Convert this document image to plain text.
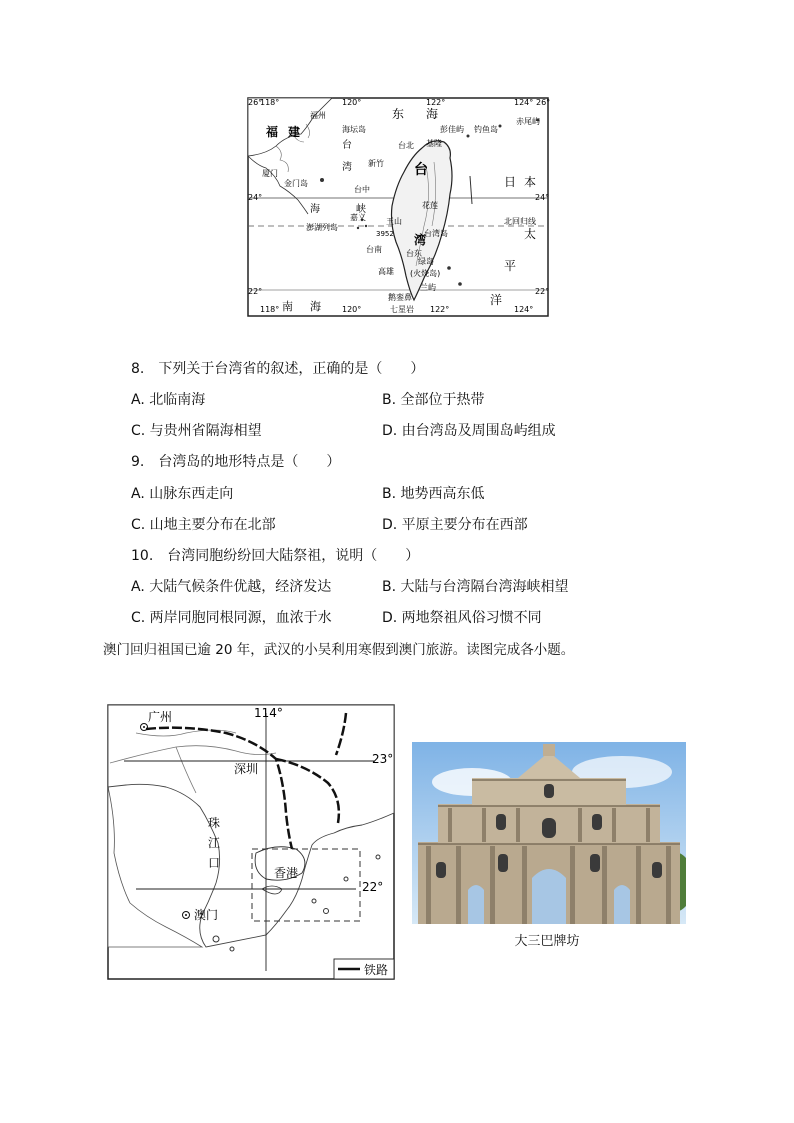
26°
118°	120°	122°	124° 26°
24°	24°
22°	22°
118°	120°	122°	124°
东 海
南 海
太
平
洋
台
湾
海	峡
福 建
福州
海坛岛
厦门
金门岛
澎湖列岛
台北 基隆
新竹
台中
嘉义
台南
高雄
花莲
台东
玉山
3952
绿岛
(火烧岛)
兰屿
鹅銮鼻
七星岩
彭佳屿 钓鱼岛
赤尾屿
日 本
北回归线
台湾岛
台
湾
8.　下列关于台湾省的叙述，正确的是（　　）
A. 北临南海	B. 全部位于热带
C. 与贵州省隔海相望	D. 由台湾岛及周围岛屿组成
9.　台湾岛的地形特点是（　　）
A. 山脉东西走向	B. 地势西高东低
C. 山地主要分布在北部	D. 平原主要分布在西部
10.　台湾同胞纷纷回大陆祭祖，说明（　　）
A. 大陆气候条件优越，经济发达	B. 大陆与台湾隔台湾海峡相望
C. 两岸同胞同根同源，血浓于水	D. 两地祭祖风俗习惯不同
澳门回归祖国已逾 20 年，武汉的小吴利用寒假到澳门旅游。读图完成各小题。
广州
深圳
珠
江
口
香港
澳门
114°
23°
22°
铁路
大三巴牌坊
